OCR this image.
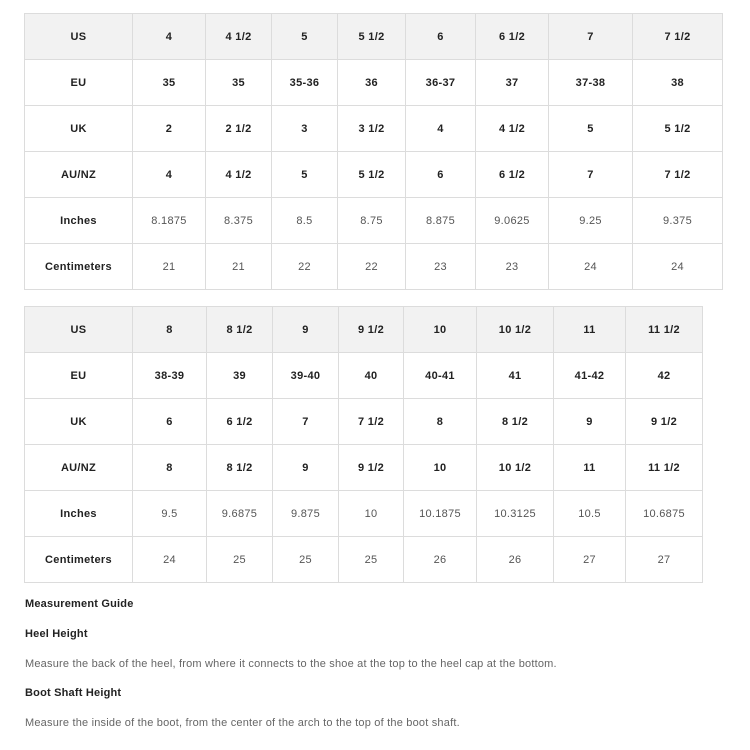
US	4	4 1/2	5	5 1/2	6	6 1/2	7	7 1/2
EU	35	35	35-36	36	36-37	37	37-38	38
UK	2	2 1/2	3	3 1/2	4	4 1/2	5	5 1/2
AU/NZ	4	4 1/2	5	5 1/2	6	6 1/2	7	7 1/2
Inches	8.1875	8.375	8.5	8.75	8.875	9.0625	9.25	9.375
Centimeters	21	21	22	22	23	23	24	24
US	8	8 1/2	9	9 1/2	10	10 1/2	11	11 1/2
EU	38-39	39	39-40	40	40-41	41	41-42	42
UK	6	6 1/2	7	7 1/2	8	8 1/2	9	9 1/2
AU/NZ	8	8 1/2	9	9 1/2	10	10 1/2	11	11 1/2
Inches	9.5	9.6875	9.875	10	10.1875	10.3125	10.5	10.6875
Centimeters	24	25	25	25	26	26	27	27

Measurement Guide

Heel Height

Measure the back of the heel, from where it connects to the shoe at the top to the heel cap at the bottom.

Boot Shaft Height

Measure the inside of the boot, from the center of the arch to the top of the boot shaft.
